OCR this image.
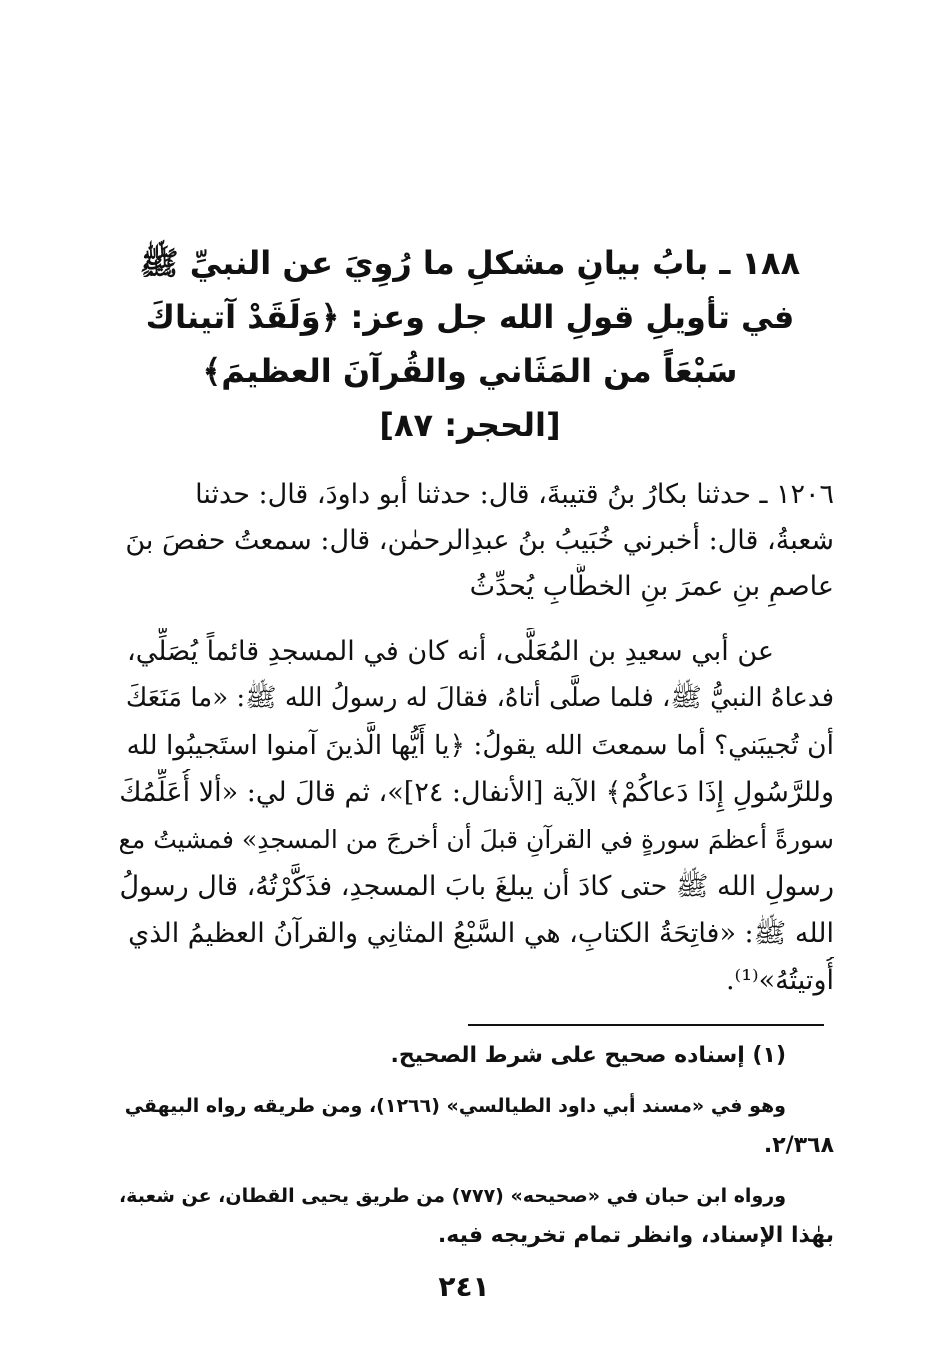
١٨٨ ـ بابُ بيانِ مشكلِ ما رُوِيَ عن النبيِّ ﷺ
في تأويلِ قولِ الله جل وعز: ﴿وَلَقَدْ آتيناكَ
سَبْعَاً من المَثَاني والقُرآنَ العظيمَ﴾
[الحجر: ٨٧]
١٢٠٦ ـ حدثنا بكارُ بنُ قتيبةَ، قال: حدثنا أبو داودَ، قال: حدثنا
شعبةُ، قال: أخبرني خُبَيبُ بنُ عبدِالرحمٰن، قال: سمعتُ حفصَ بنَ
عاصمِ بنِ عمرَ بنِ الخطَّابِ يُحدِّثُ
عن أبي سعيدِ بن المُعَلَّى، أنه كان في المسجدِ قائماً يُصَلِّي،
فدعاهُ النبيُّ ﷺ، فلما صلَّى أتاهُ، فقالَ له رسولُ الله ﷺ: «ما مَنَعَكَ
أن تُجيبَني؟ أما سمعتَ الله يقولُ: ﴿يا أَيُّها الَّذينَ آمنوا استَجيبُوا لله
وللرَّسُولِ إِذَا دَعاكُمْ﴾ الآية [الأنفال: ٢٤]»، ثم قالَ لي: «ألا أُعَلِّمُكَ
سورةً أعظمَ سورةٍ في القرآنِ قبلَ أن أخرجَ من المسجدِ» فمشيتُ مع
رسولِ الله ﷺ حتى كادَ أن يبلغَ بابَ المسجدِ، فذَكَّرْتُهُ، قال رسولُ
الله ﷺ: «فاتِحَةُ الكتابِ، هي السَّبْعُ المثانِي والقرآنُ العظيمُ الذي
أُوتيتُهُ»⁽¹⁾.
(١) إسناده صحيح على شرط الصحيح.
وهو في «مسند أبي داود الطيالسي» (١٢٦٦)، ومن طريقه رواه البيهقي
٢/٣٦٨.
ورواه ابن حبان في «صحيحه» (٧٧٧) من طريق يحيى القطان، عن شعبة،
بهٰذا الإسناد، وانظر تمام تخريجه فيه.
٢٤١
